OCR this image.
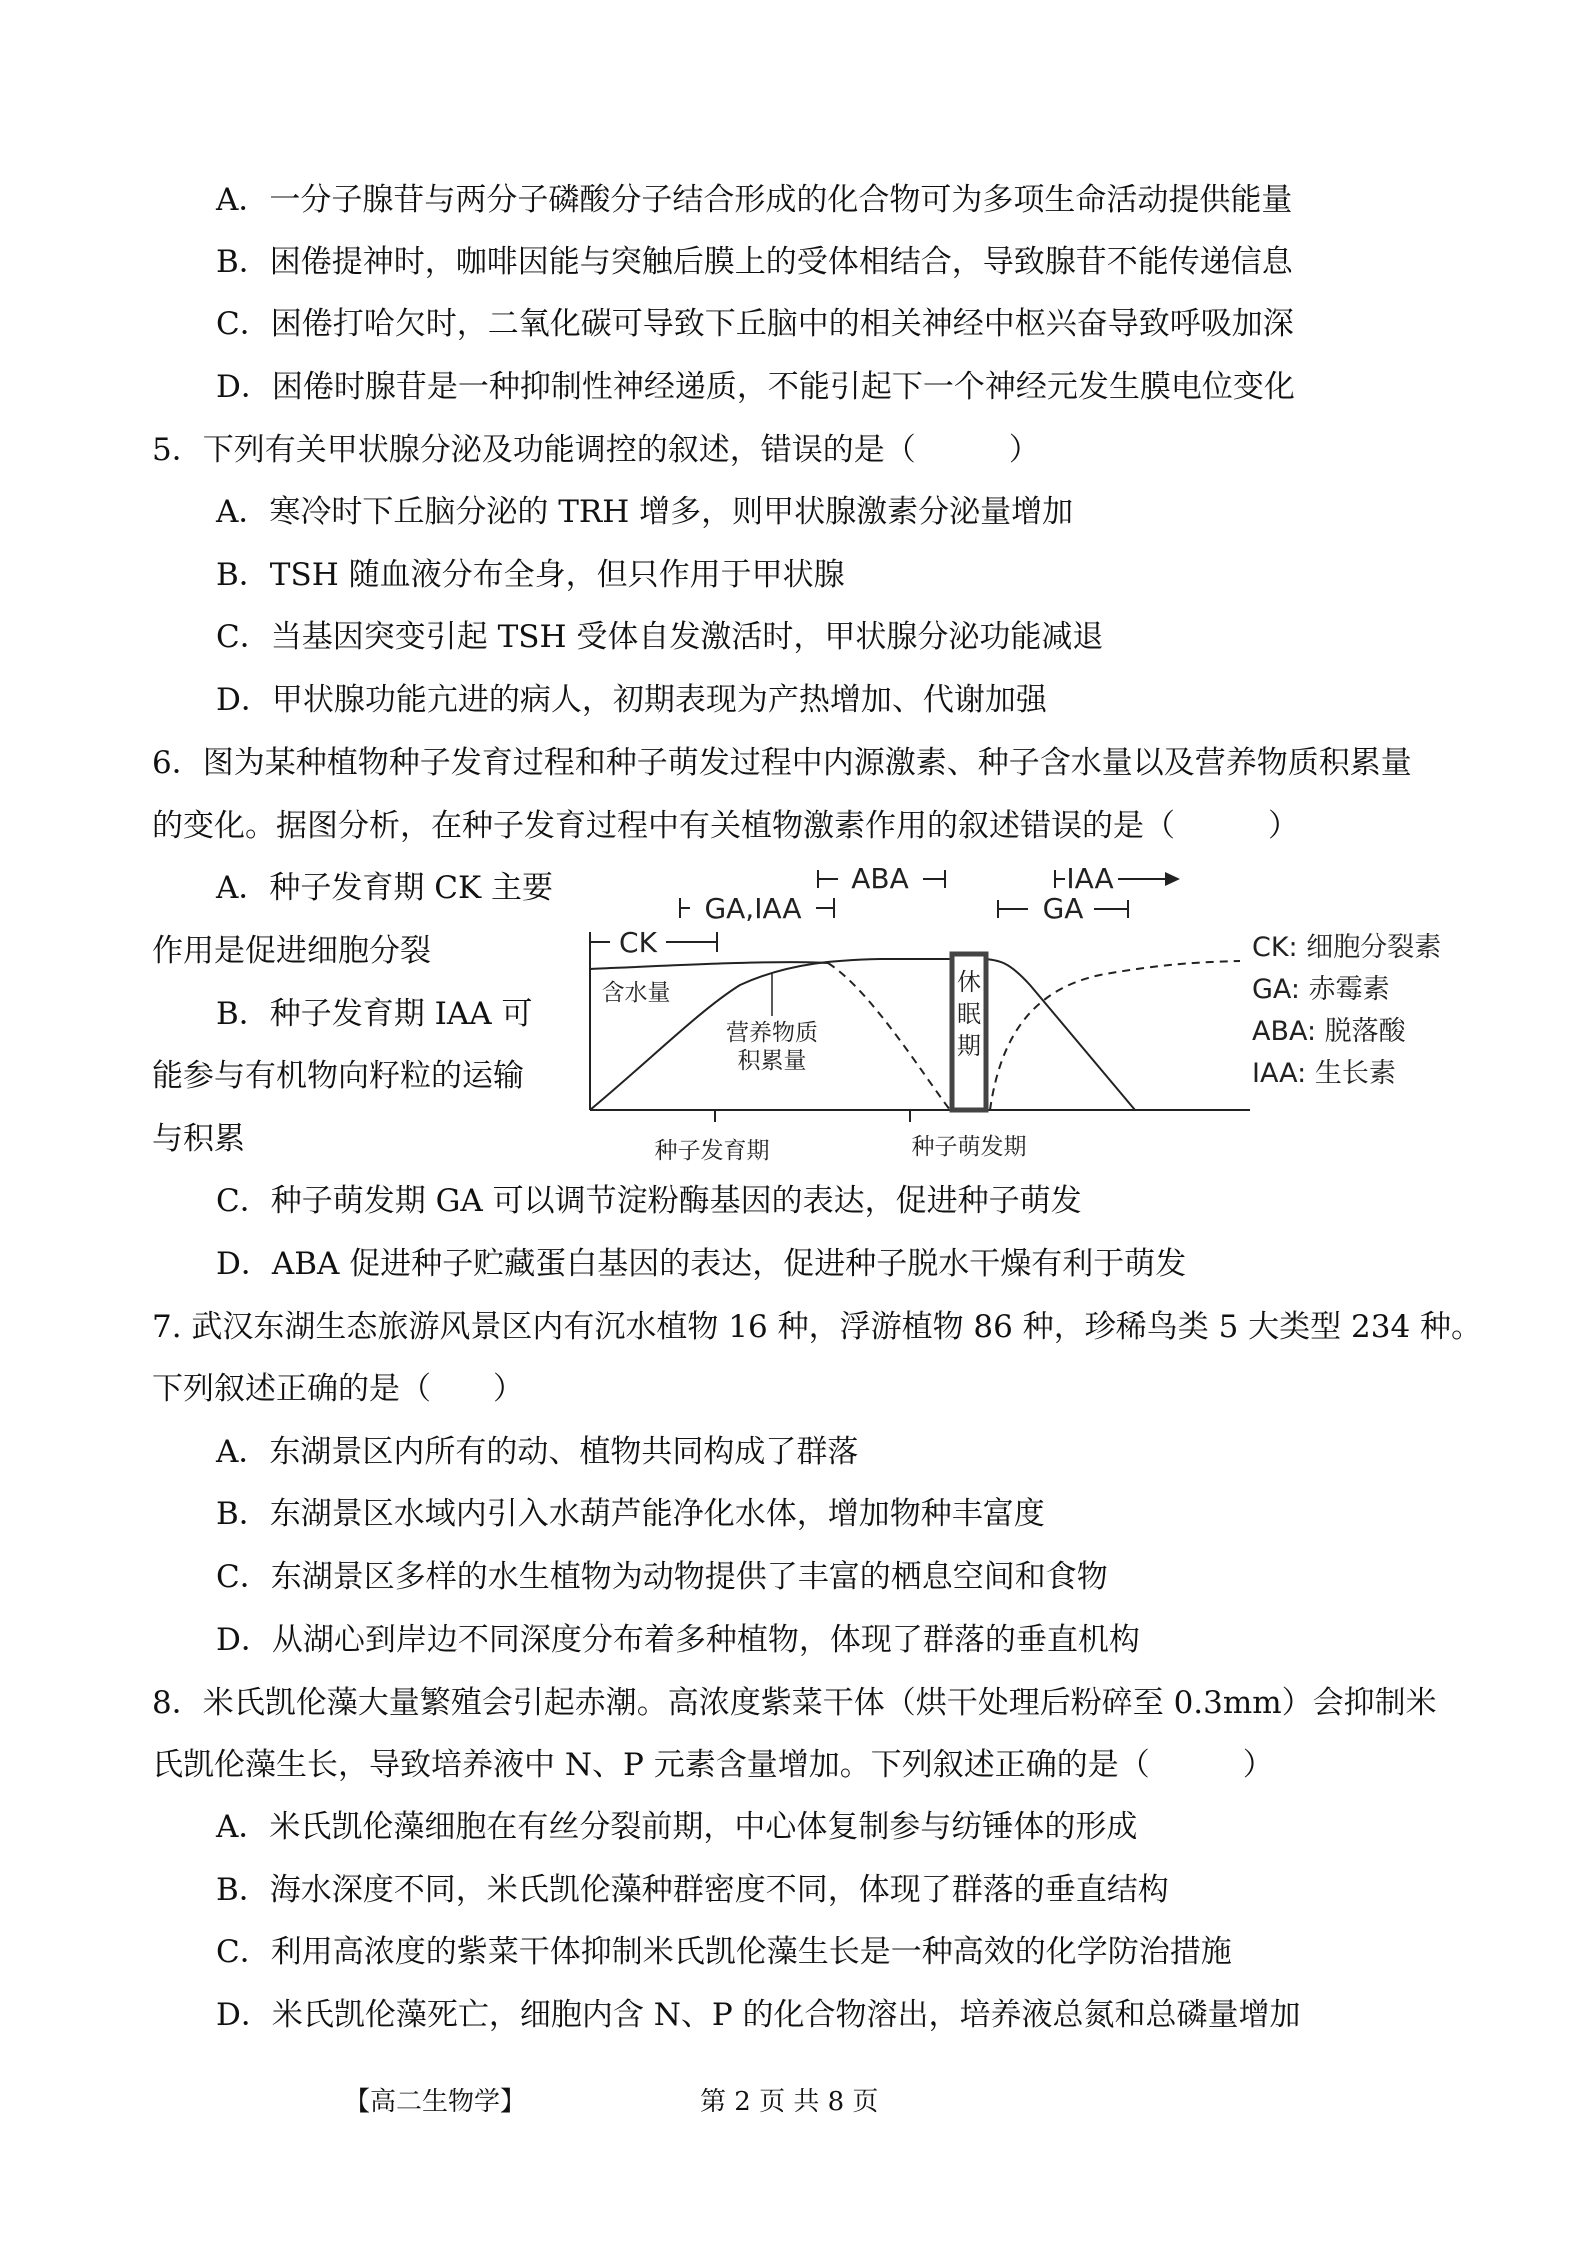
A．一分子腺苷与两分子磷酸分子结合形成的化合物可为多项生命活动提供能量
B．困倦提神时，咖啡因能与突触后膜上的受体相结合，导致腺苷不能传递信息
C．困倦打哈欠时，二氧化碳可导致下丘脑中的相关神经中枢兴奋导致呼吸加深
D．困倦时腺苷是一种抑制性神经递质，不能引起下一个神经元发生膜电位变化
5．下列有关甲状腺分泌及功能调控的叙述，错误的是（　　　）
A．寒冷时下丘脑分泌的 TRH 增多，则甲状腺激素分泌量增加
B．TSH 随血液分布全身，但只作用于甲状腺
C．当基因突变引起 TSH 受体自发激活时，甲状腺分泌功能减退
D．甲状腺功能亢进的病人，初期表现为产热增加、代谢加强
6．图为某种植物种子发育过程和种子萌发过程中内源激素、种子含水量以及营养物质积累量
的变化。据图分析，在种子发育过程中有关植物激素作用的叙述错误的是（　　　）
A．种子发育期 CK 主要
作用是促进细胞分裂
B．种子发育期 IAA 可
能参与有机物向籽粒的运输
与积累
ABA
GA,IAA
CK
IAA
GA
休
眠
期
含水量
营养物质
积累量
种子发育期	种子萌发期
CK: 细胞分裂素
GA: 赤霉素
ABA: 脱落酸
IAA: 生长素
C．种子萌发期 GA 可以调节淀粉酶基因的表达，促进种子萌发
D．ABA 促进种子贮藏蛋白基因的表达，促进种子脱水干燥有利于萌发
7. 武汉东湖生态旅游风景区内有沉水植物 16 种，浮游植物 86 种，珍稀鸟类 5 大类型 234 种。
下列叙述正确的是（　　）
A．东湖景区内所有的动、植物共同构成了群落
B．东湖景区水域内引入水葫芦能净化水体，增加物种丰富度
C．东湖景区多样的水生植物为动物提供了丰富的栖息空间和食物
D．从湖心到岸边不同深度分布着多种植物，体现了群落的垂直机构
8．米氏凯伦藻大量繁殖会引起赤潮。高浓度紫菜干体（烘干处理后粉碎至 0.3mm）会抑制米
氏凯伦藻生长，导致培养液中 N、P 元素含量增加。下列叙述正确的是（　　　）
A．米氏凯伦藻细胞在有丝分裂前期，中心体复制参与纺锤体的形成
B．海水深度不同，米氏凯伦藻种群密度不同，体现了群落的垂直结构
C．利用高浓度的紫菜干体抑制米氏凯伦藻生长是一种高效的化学防治措施
D．米氏凯伦藻死亡，细胞内含 N、P 的化合物溶出，培养液总氮和总磷量增加
【高二生物学】	第 2 页 共 8 页
